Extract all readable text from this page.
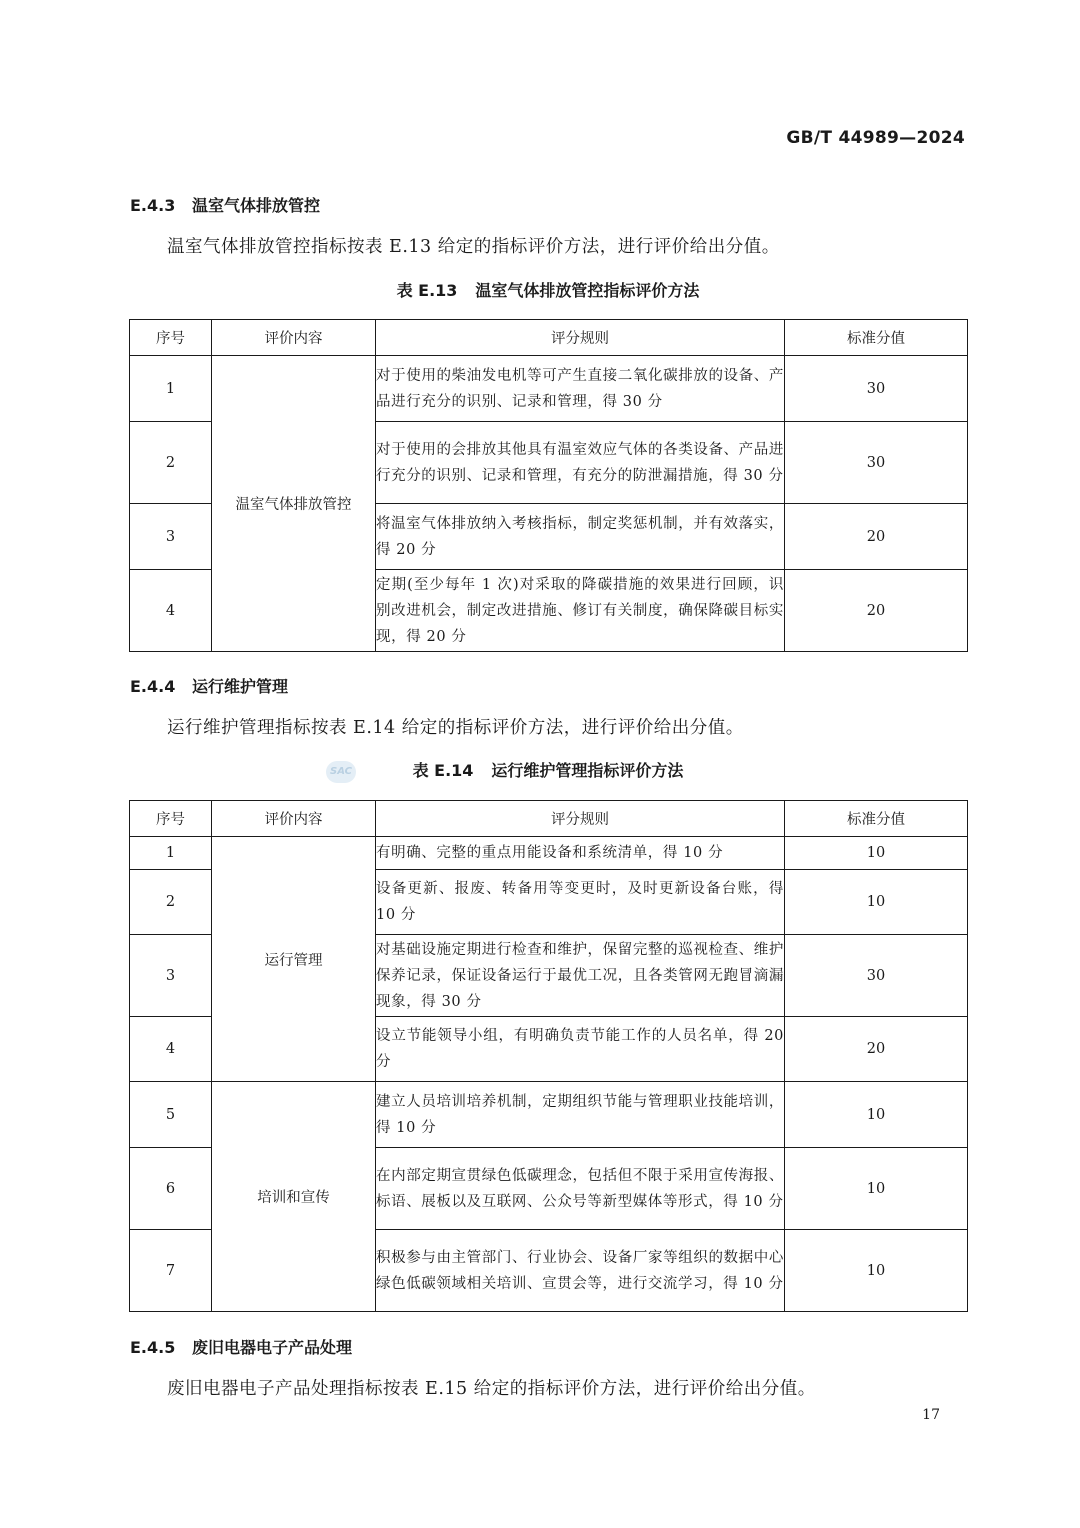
GB/T 44989—2024
E.4.3 温室气体排放管控
温室气体排放管控指标按表 E.13 给定的指标评价方法，进行评价给出分值。
表 E.13 温室气体排放管控指标评价方法
序号	评价内容	评分规则	标准分值
1	温室气体排放管控	对于使用的柴油发电机等可产生直接二氧化碳排放的设备、产品进行充分的识别、记录和管理，得 30 分	30
2		对于使用的会排放其他具有温室效应气体的各类设备、产品进行充分的识别、记录和管理，有充分的防泄漏措施，得 30 分	30
3		将温室气体排放纳入考核指标，制定奖惩机制，并有效落实，得 20 分	20
4		定期(至少每年 1 次)对采取的降碳措施的效果进行回顾，识别改进机会，制定改进措施、修订有关制度，确保降碳目标实现，得 20 分	20
E.4.4 运行维护管理
运行维护管理指标按表 E.14 给定的指标评价方法，进行评价给出分值。
SAC	表 E.14 运行维护管理指标评价方法
序号	评价内容	评分规则	标准分值
1	运行管理	有明确、完整的重点用能设备和系统清单，得 10 分	10
2		设备更新、报废、转备用等变更时，及时更新设备台账，得 10 分	10
3		对基础设施定期进行检查和维护，保留完整的巡视检查、维护保养记录，保证设备运行于最优工况，且各类管网无跑冒滴漏现象，得 30 分	30
4		设立节能领导小组，有明确负责节能工作的人员名单，得 20 分	20
5	培训和宣传	建立人员培训培养机制，定期组织节能与管理职业技能培训，得 10 分	10
6		在内部定期宣贯绿色低碳理念，包括但不限于采用宣传海报、标语、展板以及互联网、公众号等新型媒体等形式，得 10 分	10
7		积极参与由主管部门、行业协会、设备厂家等组织的数据中心绿色低碳领域相关培训、宣贯会等，进行交流学习，得 10 分	10
E.4.5 废旧电器电子产品处理
废旧电器电子产品处理指标按表 E.15 给定的指标评价方法，进行评价给出分值。
17
